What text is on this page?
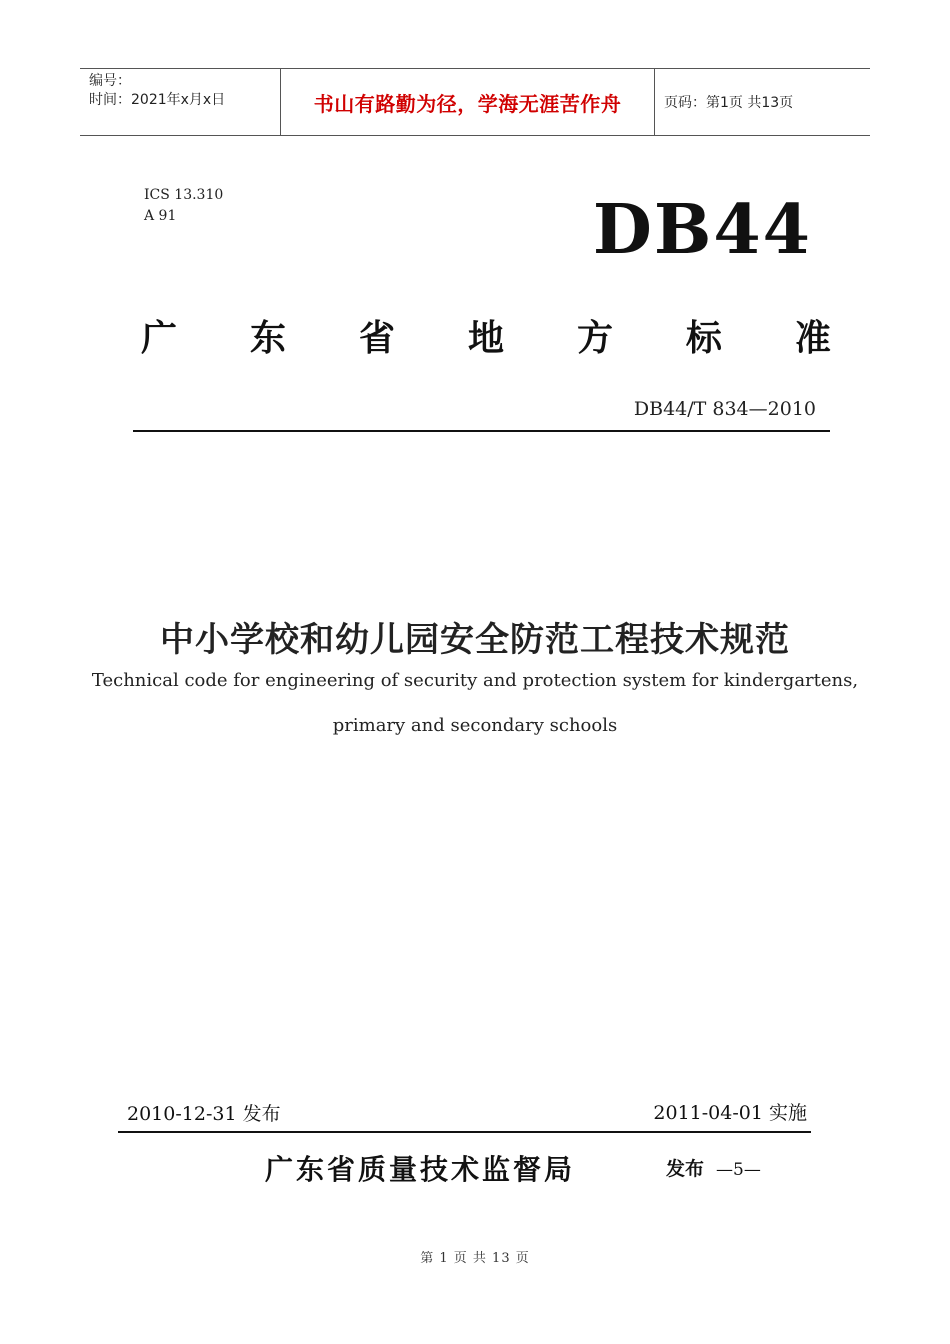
编号：
时间：2021年x月x日	书山有路勤为径，学海无涯苦作舟	页码：第1页 共13页
ICS 13.310
A 91	DB44
广 东 省 地 方 标 准
DB44/T 834—2010
中小学校和幼儿园安全防范工程技术规范
Technical code for engineering of security and protection system for kindergartens,
primary and secondary schools
2010-12-31 发布	2011-04-01 实施
广东省质量技术监督局	发布 —5—
第 1 页 共 13 页
